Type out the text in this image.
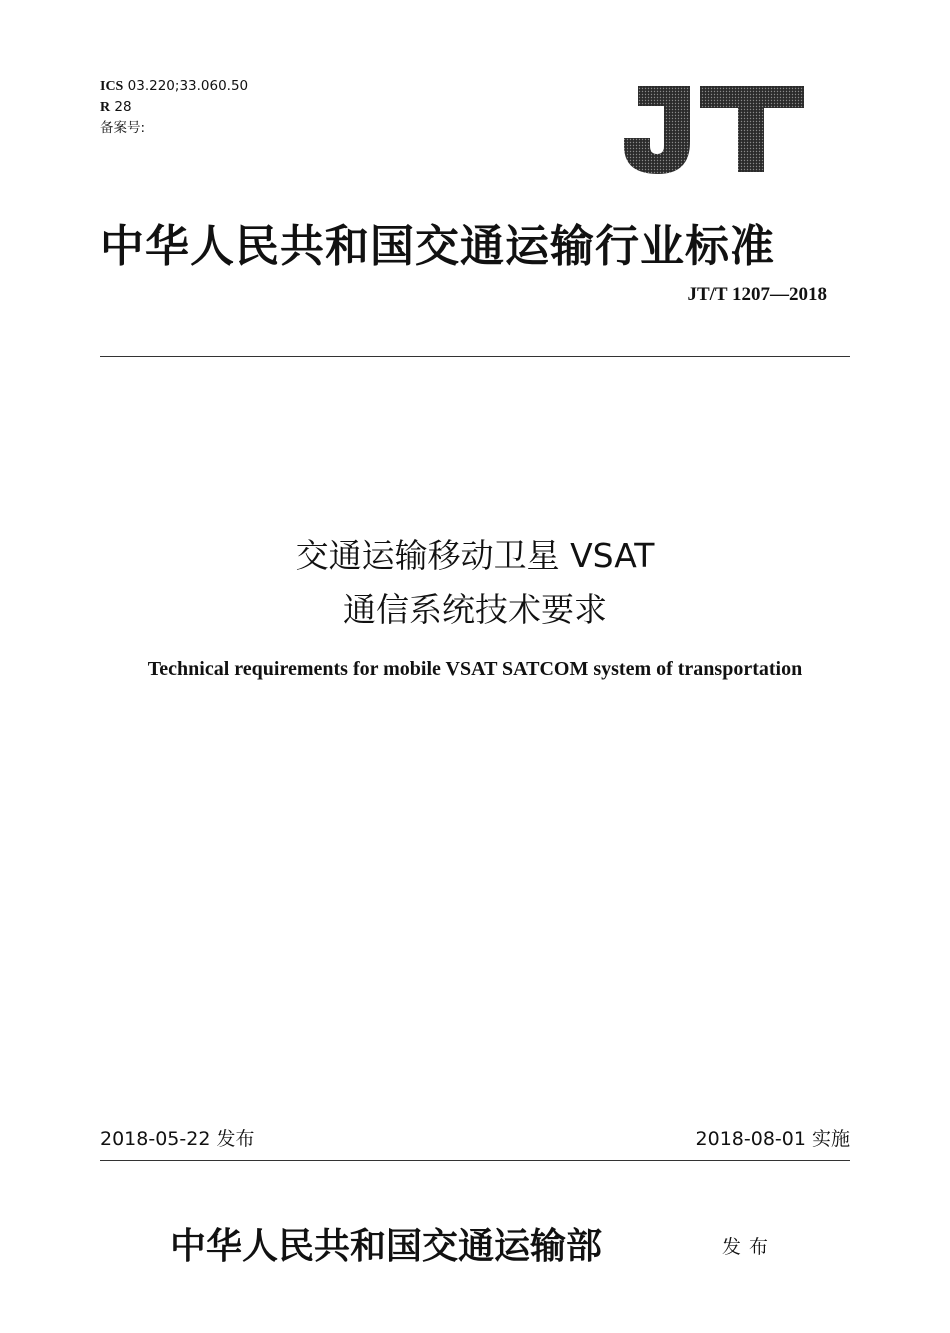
ICS 03.220;33.060.50
R 28
备案号:
中华人民共和国交通运输行业标准
JT/T 1207—2018
交通运输移动卫星 VSAT
通信系统技术要求
Technical requirements for mobile VSAT SATCOM system of transportation
2018-05-22 发布	2018-08-01 实施
中华人民共和国交通运输部	发布
